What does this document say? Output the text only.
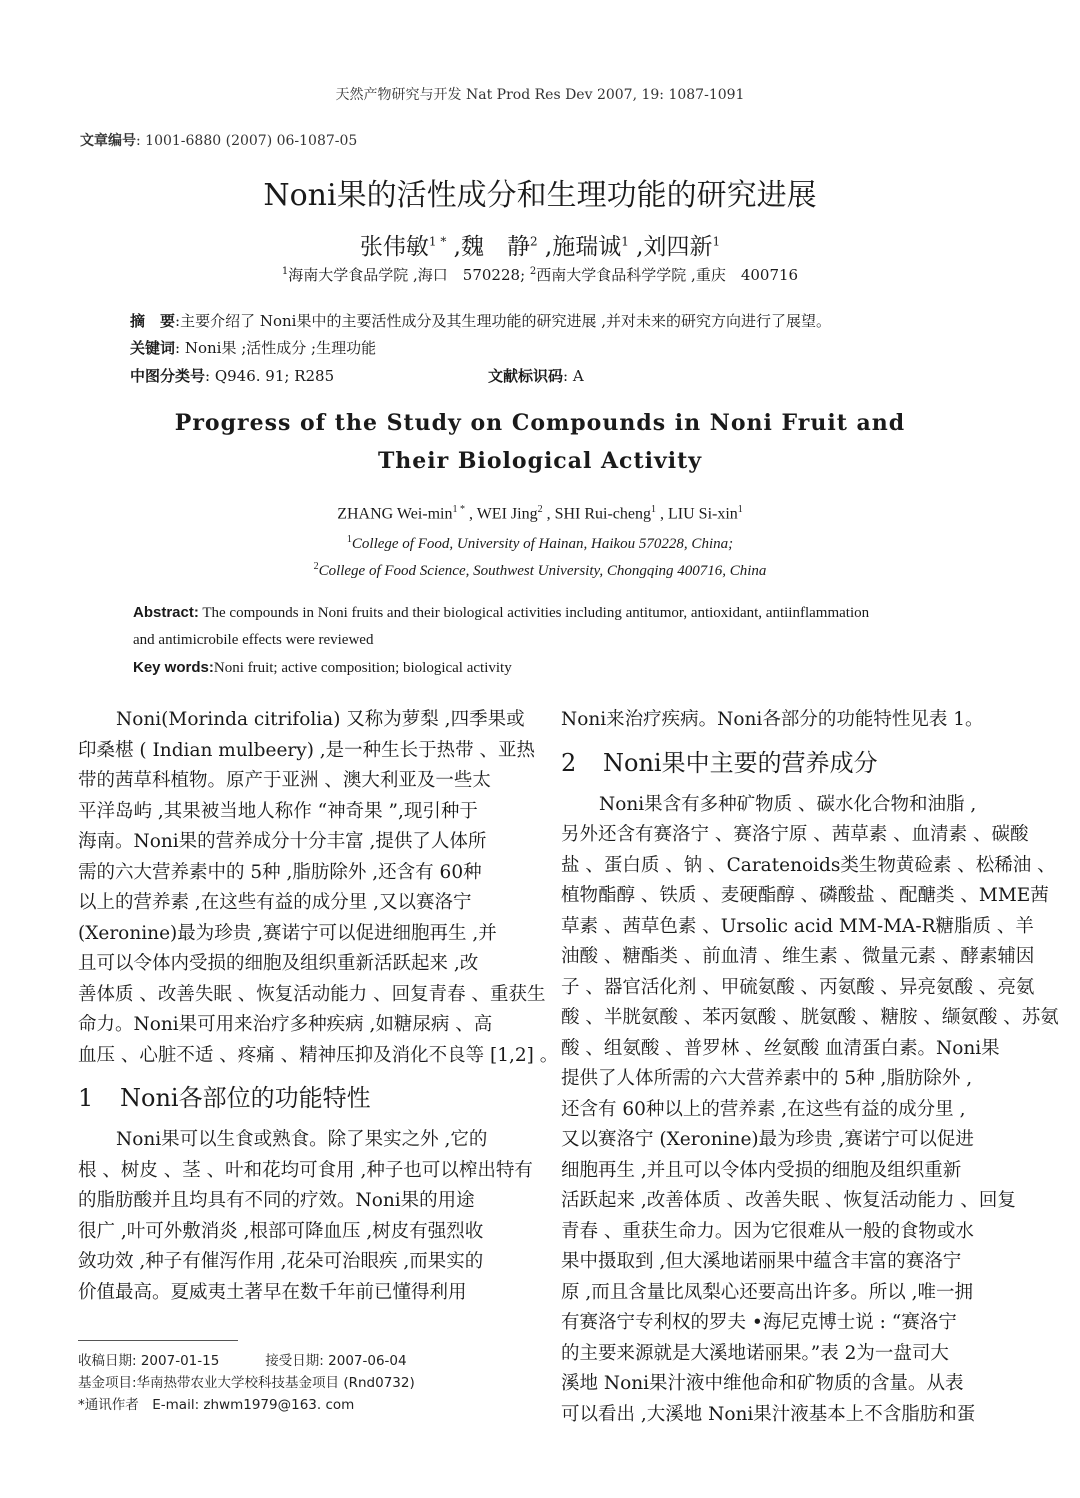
天然产物研究与开发 Nat Prod Res Dev 2007, 19: 1087-1091
文章编号: 1001-6880 (2007) 06-1087-05
Noni果的活性成分和生理功能的研究进展
张伟敏$^{1 *}$ ,魏　静$^2$ ,施瑞诚$^1$ ,刘四新$^1$
$^1$海南大学食品学院 ,海口　570228; $^2$西南大学食品科学学院 ,重庆　400716
摘　要:主要介绍了 Noni果中的主要活性成分及其生理功能的研究进展 ,并对未来的研究方向进行了展望。
关键词: Noni果 ;活性成分 ;生理功能
中图分类号: Q946. 91; R285	文献标识码: A
Progress of the Study on Compounds in Noni Fruit and
Their Biological Activity
ZHANG Wei-$\min^{1 *}$ , WEI Jing$^2$ , SHI Rui-cheng$^1$ , LIU Si-xin$^1$
$^1$College of Food, University of Hainan, Haikou 570228, China;
$^2$College of Food Science, Southwest University, Chongqing 400716, China
Abstract: The compounds in Noni fruits and their biological activities including antitumor, antioxidant, antiinflammation
and antimicrobile effects were reviewed
Key words:Noni fruit; active composition; biological activity
Noni(Morinda citrifolia) 又称为萝梨 ,四季果或
印桑椹 ( Indian mulbeery) ,是一种生长于热带 、亚热
带的茜草科植物。原产于亚洲 、澳大利亚及一些太
平洋岛屿 ,其果被当地人称作 “神奇果 ”,现引种于
海南。Noni果的营养成分十分丰富 ,提供了人体所
需的六大营养素中的 5种 ,脂肪除外 ,还含有 60种
以上的营养素 ,在这些有益的成分里 ,又以赛洛宁
(Xeronine)最为珍贵 ,赛诺宁可以促进细胞再生 ,并
且可以令体内受损的细胞及组织重新活跃起来 ,改
善体质 、改善失眠 、恢复活动能力 、回复青春 、重获生
命力。Noni果可用来治疗多种疾病 ,如糖尿病 、高
血压 、心脏不适 、疼痛 、精神压抑及消化不良等 [1,2] 。
1 Noni各部位的功能特性
Noni果可以生食或熟食。除了果实之外 ,它的
根 、树皮 、茎 、叶和花均可食用 ,种子也可以榨出特有
的脂肪酸并且均具有不同的疗效。Noni果的用途
很广 ,叶可外敷消炎 ,根部可降血压 ,树皮有强烈收
敛功效 ,种子有催泻作用 ,花朵可治眼疾 ,而果实的
价值最高。夏威夷土著早在数千年前已懂得利用
Noni来治疗疾病。Noni各部分的功能特性见表 1。
2 Noni果中主要的营养成分
Noni果含有多种矿物质 、碳水化合物和油脂 ,
另外还含有赛洛宁 、赛洛宁原 、茜草素 、血清素 、碳酸
盐 、蛋白质 、钠 、Caratenoids类生物黄硷素 、松稀油 、
植物酯醇 、铁质 、麦硬酯醇 、磷酸盐 、配醣类 、MME茜
草素 、茜草色素 、Ursolic acid MM-MA-R糖脂质 、羊
油酸 、糖酯类 、前血清 、维生素 、微量元素 、酵素辅因
子 、器官活化剂 、甲硫氨酸 、丙氨酸 、异亮氨酸 、亮氨
酸 、半胱氨酸 、苯丙氨酸 、胱氨酸 、糖胺 、缬氨酸 、苏氨
酸 、组氨酸 、普罗林 、丝氨酸 血清蛋白素。Noni果
提供了人体所需的六大营养素中的 5种 ,脂肪除外 ,
还含有 60种以上的营养素 ,在这些有益的成分里 ,
又以赛洛宁 (Xeronine)最为珍贵 ,赛诺宁可以促进
细胞再生 ,并且可以令体内受损的细胞及组织重新
活跃起来 ,改善体质 、改善失眠 、恢复活动能力 、回复
青春 、重获生命力。因为它很难从一般的食物或水
果中摄取到 ,但大溪地诺丽果中蕴含丰富的赛洛宁
原 ,而且含量比凤梨心还要高出许多。所以 ,唯一拥
有赛洛宁专利权的罗夫 •海尼克博士说 : “赛洛宁
的主要来源就是大溪地诺丽果。”表 2为一盘司大
溪地 Noni果汁液中维他命和矿物质的含量。从表
可以看出 ,大溪地 Noni果汁液基本上不含脂肪和蛋
收稿日期: 2007-01-15	接受日期: 2007-06-04
基金项目:华南热带农业大学校科技基金项目 (Rnd0732)
*通讯作者　E-mail: zhwm1979@163. com
